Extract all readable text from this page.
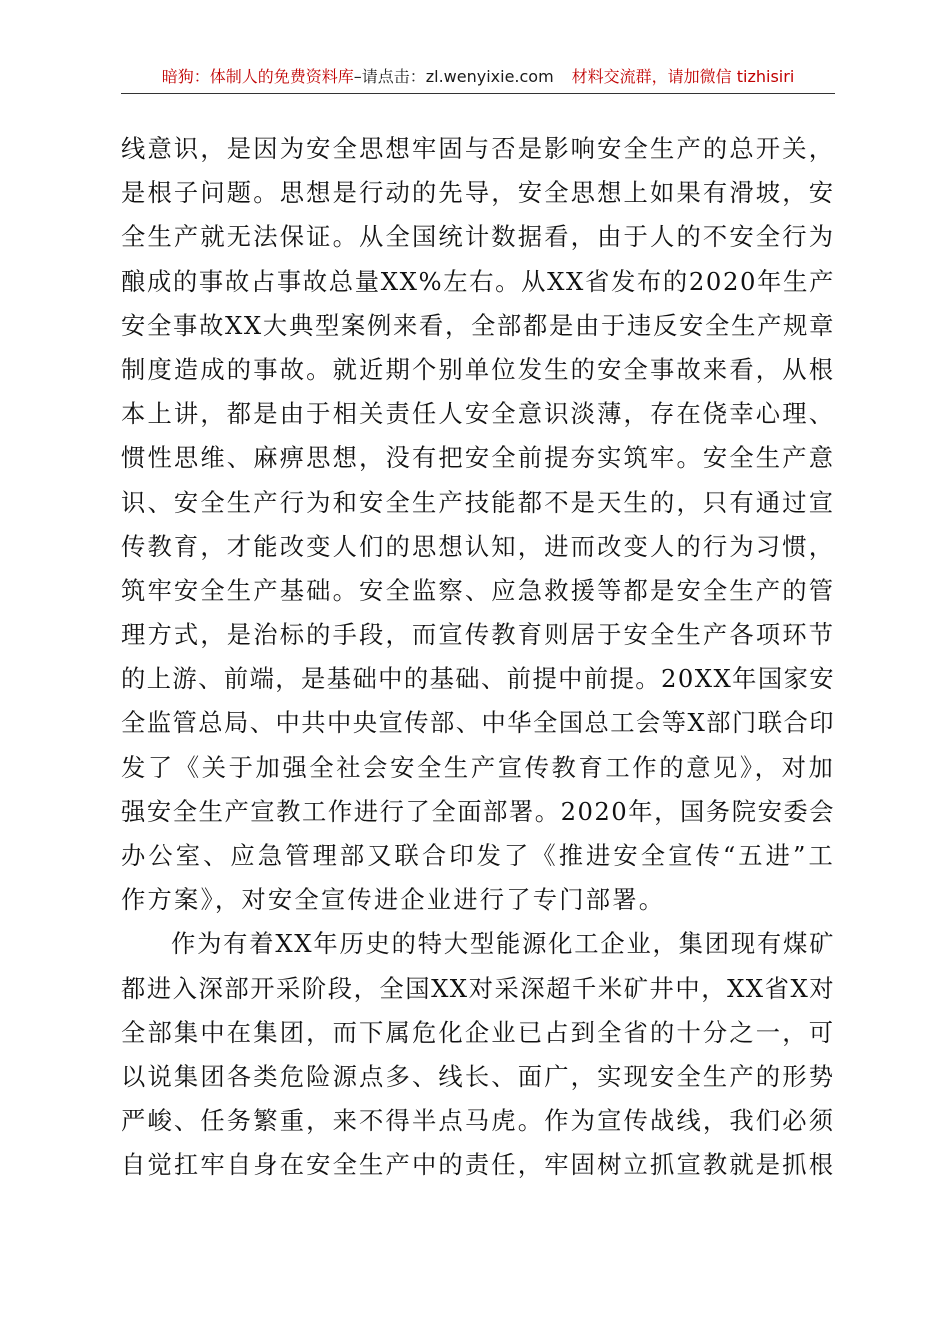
暗狗：体制人的免费资料库–请点击：zl.wenyixie.com 材料交流群，请加微信 tizhisiri
线意识，是因为安全思想牢固与否是影响安全生产的总开关，
是根子问题。思想是行动的先导，安全思想上如果有滑坡，安
全生产就无法保证。从全国统计数据看，由于人的不安全行为
酿成的事故占事故总量XX%左右。从XX省发布的2020年生产
安全事故XX大典型案例来看，全部都是由于违反安全生产规章
制度造成的事故。就近期个别单位发生的安全事故来看，从根
本上讲，都是由于相关责任人安全意识淡薄，存在侥幸心理、
惯性思维、麻痹思想，没有把安全前提夯实筑牢。安全生产意
识、安全生产行为和安全生产技能都不是天生的，只有通过宣
传教育，才能改变人们的思想认知，进而改变人的行为习惯，
筑牢安全生产基础。安全监察、应急救援等都是安全生产的管
理方式，是治标的手段，而宣传教育则居于安全生产各项环节
的上游、前端，是基础中的基础、前提中前提。20XX年国家安
全监管总局、中共中央宣传部、中华全国总工会等X部门联合印
发了《关于加强全社会安全生产宣传教育工作的意见》，对加
强安全生产宣教工作进行了全面部署。2020年，国务院安委会
办公室、应急管理部又联合印发了《推进安全宣传“五进”工
作方案》，对安全宣传进企业进行了专门部署。
作为有着XX年历史的特大型能源化工企业，集团现有煤矿
都进入深部开采阶段，全国XX对采深超千米矿井中，XX省X对
全部集中在集团，而下属危化企业已占到全省的十分之一，可
以说集团各类危险源点多、线长、面广，实现安全生产的形势
严峻、任务繁重，来不得半点马虎。作为宣传战线，我们必须
自觉扛牢自身在安全生产中的责任，牢固树立抓宣教就是抓根
